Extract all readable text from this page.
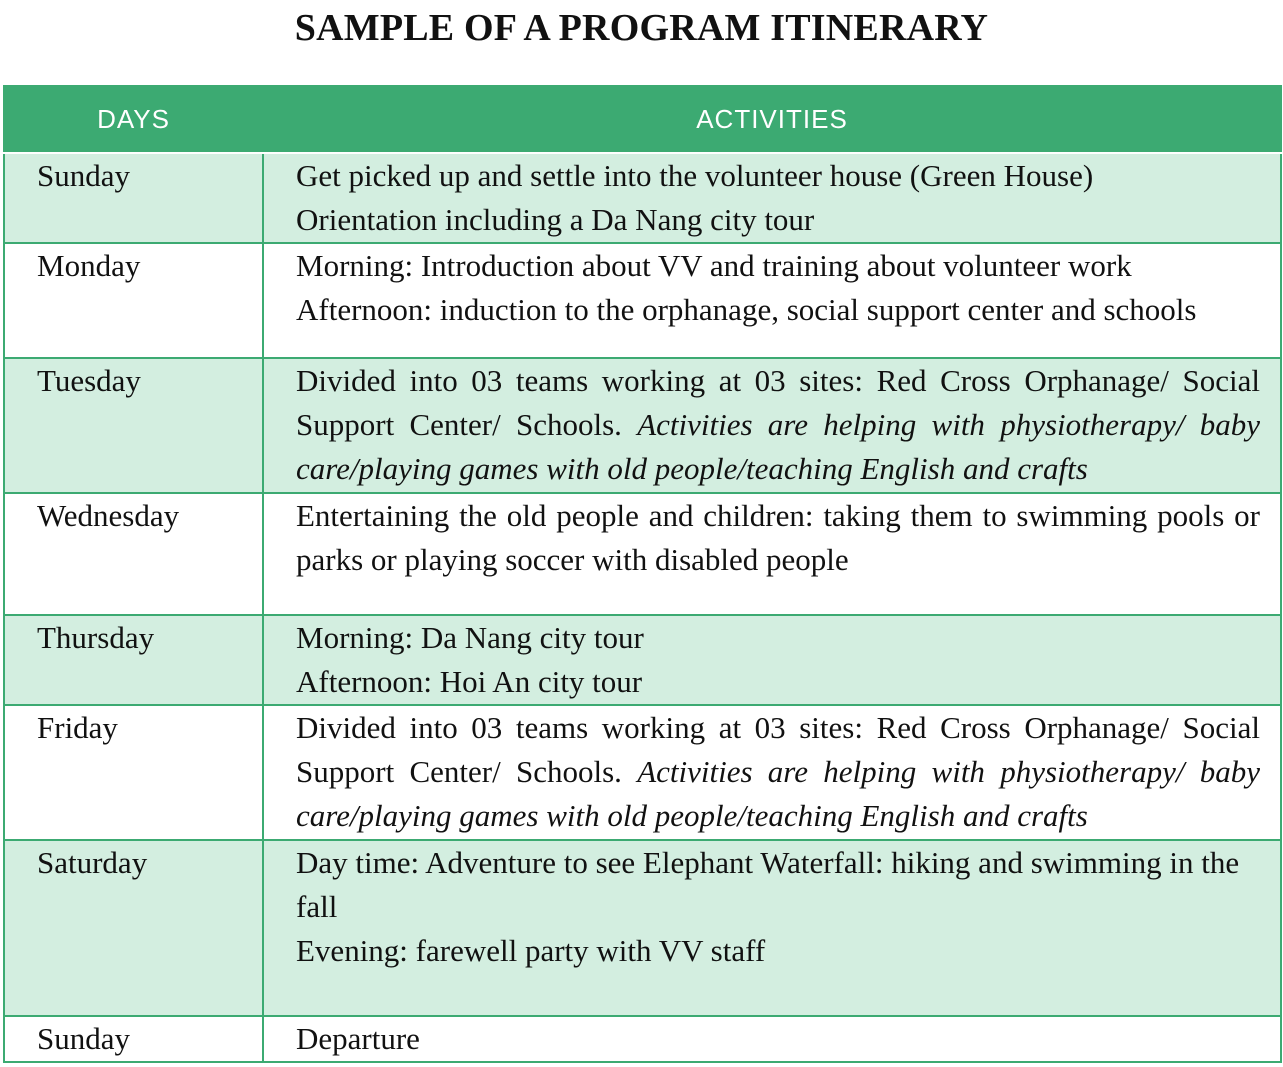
SAMPLE OF A PROGRAM ITINERARY
DAYS	ACTIVITIES
Sunday	Get picked up and settle into the volunteer house (Green House)
Orientation including a Da Nang city tour

Monday	Morning: Introduction about VV and training about volunteer work
Afternoon: induction to the orphanage, social support center and schools

Tuesday	Divided into 03 teams working at 03 sites: Red Cross Orphanage/ Social Support Center/ Schools. Activities are helping with physiotherapy/ baby care/playing games with old people/teaching English and crafts

Wednesday	Entertaining the old people and children: taking them to swimming pools or parks or playing soccer with disabled people

Thursday	Morning: Da Nang city tour
Afternoon: Hoi An city tour

Friday	Divided into 03 teams working at 03 sites: Red Cross Orphanage/ Social Support Center/ Schools. Activities are helping with physiotherapy/ baby care/playing games with old people/teaching English and crafts

Saturday	Day time: Adventure to see Elephant Waterfall: hiking and swimming in the fall
Evening: farewell party with VV staff

Sunday	Departure
